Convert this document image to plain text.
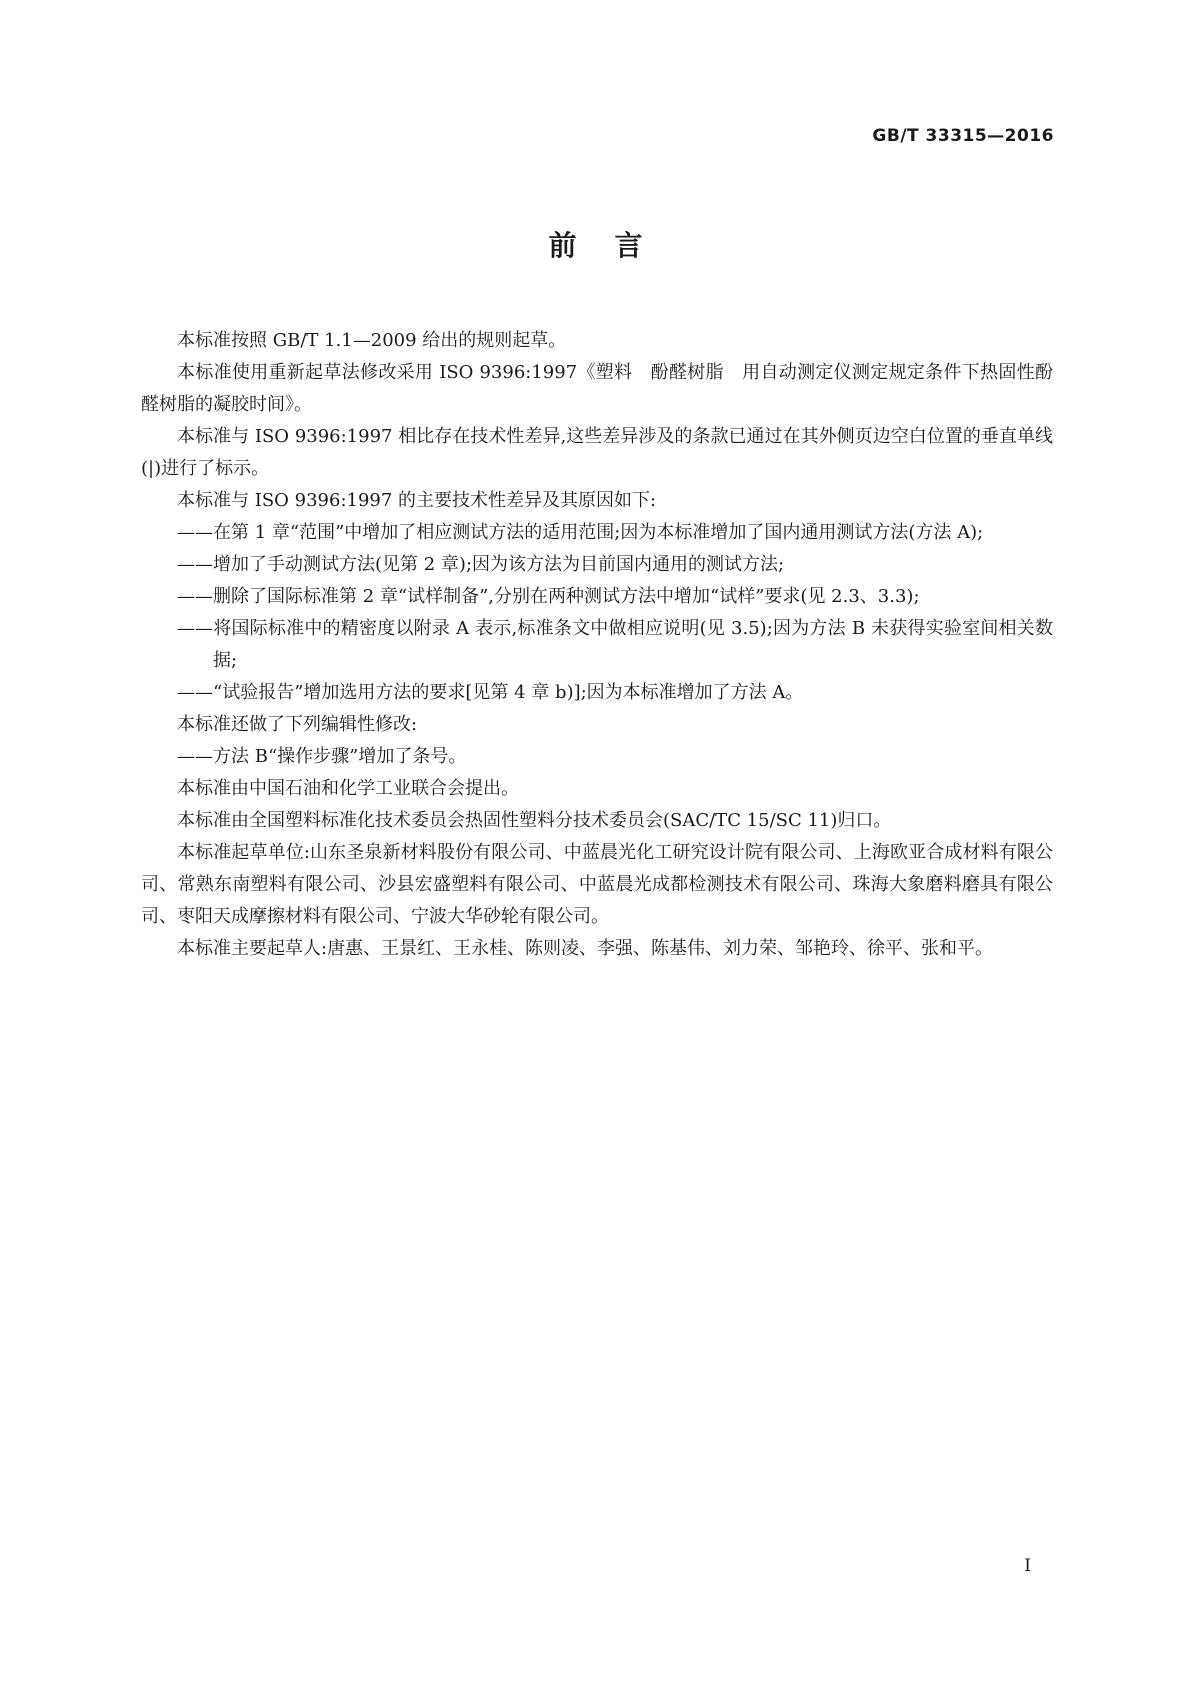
GB/T 33315—2016
前言

本标准按照 GB/T 1.1—2009 给出的规则起草。

本标准使用重新起草法修改采用 ISO 9396:1997《塑料　酚醛树脂　用自动测定仪测定规定条件下热固性酚醛树脂的凝胶时间》。

本标准与 ISO 9396:1997 相比存在技术性差异,这些差异涉及的条款已通过在其外侧页边空白位置的垂直单线(|)进行了标示。

本标准与 ISO 9396:1997 的主要技术性差异及其原因如下:

——在第 1 章“范围”中增加了相应测试方法的适用范围;因为本标准增加了国内通用测试方法(方法 A);

——增加了手动测试方法(见第 2 章);因为该方法为目前国内通用的测试方法;

——删除了国际标准第 2 章“试样制备”,分别在两种测试方法中增加“试样”要求(见 2.3、3.3);

——将国际标准中的精密度以附录 A 表示,标准条文中做相应说明(见 3.5);因为方法 B 未获得实验室间相关数据;

——“试验报告”增加选用方法的要求[见第 4 章 b)];因为本标准增加了方法 A。

本标准还做了下列编辑性修改:

——方法 B“操作步骤”增加了条号。

本标准由中国石油和化学工业联合会提出。

本标准由全国塑料标准化技术委员会热固性塑料分技术委员会(SAC/TC 15/SC 11)归口。

本标准起草单位:山东圣泉新材料股份有限公司、中蓝晨光化工研究设计院有限公司、上海欧亚合成材料有限公司、常熟东南塑料有限公司、沙县宏盛塑料有限公司、中蓝晨光成都检测技术有限公司、珠海大象磨料磨具有限公司、枣阳天成摩擦材料有限公司、宁波大华砂轮有限公司。

本标准主要起草人:唐惠、王景红、王永桂、陈则凌、李强、陈基伟、刘力荣、邹艳玲、徐平、张和平。

I
